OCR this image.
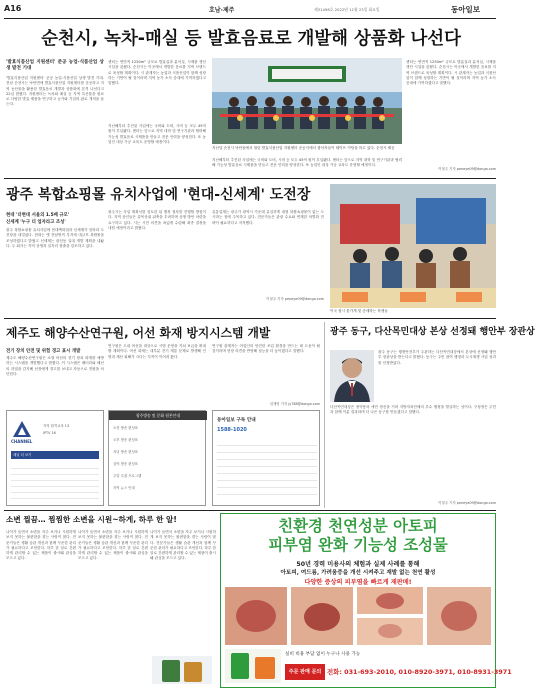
A16	호남·제주	제31498호 2022년 11월 23일 화요일	동아일보
순천시, 녹차-매실 등 발효음료로 개발해 상품화 나선다
'발효식품산업 지원센터' 준공 농업-식품산업 상생 발전 기대
'발효식품산업 지원센터' 준공 농업-식품산업 상생 발전 기대. 전남 순천시는 낙안면에 발효식품산업 지원센터를 준공하고 지역 농산물을 활용한 발효음료 개발과 상품화에 본격 나선다고 22일 밝혔다. 지원센터는 녹차와 매실 등 지역 특산물을 원료로 다양한 발효 제품을 연구하고 농가와 기업의 판로 개척을 돕는다.
센터는 연면적 1250m² 규모로 발효실과 분석실, 시제품 생산 시설을 갖췄다. 순천시는 이곳에서 개발한 음료를 지역 브랜드로 육성할 계획이다. 시 관계자는 농업과 식품산업이 함께 성장하는 기반이 될 것이라며 지역 농가 소득 증대에 기여하겠다고 말했다.
지난해부터 추진된 사업에는 국비와 도비, 시비 등 모두 45억 원이 투입됐다. 센터는 앞으로 지역 대학 및 연구기관과 협력해 기능성 발효음료 시제품을 만들고 전문 인력을 양성한다. 또 농업인 대상 가공 교육도 운영할 예정이다.
지난달 순천시 낙안읍에서 열린 발효식품산업 지원센터 준공식에서 참석자들이 테이프 커팅을 하고 있다. 순천시 제공
지난해부터 추진된 사업에는 국비와 도비, 시비 등 모두 45억 원이 투입됐다. 센터는 앞으로 지역 대학 및 연구기관과 협력해 기능성 발효음료 시제품을 만들고 전문 인력을 양성한다. 또 농업인 대상 가공 교육도 운영할 예정이다.
센터는 연면적 1250m² 규모로 발효실과 분석실, 시제품 생산 시설을 갖췄다. 순천시는 이곳에서 개발한 음료를 지역 브랜드로 육성할 계획이다. 시 관계자는 농업과 식품산업이 함께 성장하는 기반이 될 것이라며 지역 농가 소득 증대에 기여하겠다고 말했다.
이형주 기자 peneye09@donga.com
광주 복합쇼핑몰 유치사업에 '현대-신세계' 도전장
현대 '더현대 서울의 1.5배 규모'
신세계 '누구 더 업자라고 조성'
광주 복합쇼핑몰 유치사업에 현대백화점과 신세계가 잇따라 도전장을 내밀었다. 현대는 옛 전남방직 부지에 대규모 복합몰을 조성하겠다고 밝혔고 신세계는 광천동 일대 개발 계획을 내놨다. 두 회사는 지역 상생과 일자리 창출을 강조하고 있다.
광주시는 사업 계획서를 검토한 뒤 행정 절차를 진행할 방침이다. 지역 상인들은 골목상권 위축을 우려하며 상생 방안 마련을 요구하고 있다. 시는 시민 의견을 폭넓게 수렴해 최종 결정을 내릴 예정이라고 밝혔다.
유통업계는 광주가 광역시 가운데 유일하게 대형 복합쇼핑몰이 없는 도시라는 점에 주목하고 있다. 전문가들은 관광 수요와 연계한 차별화 전략이 필요하다고 지적했다.
이형주 기자 peneye09@donga.com
이국 집시 꽃가게 및 증세하는 학생들
제주도 해양수산연구원, 어선 화재 방지시스템 개발
전기 장치 안전 및 위험 경고 표시 개발
제주도 해양수산연구원은 소형 어선의 전기 장치 화재를 예방하는 시스템을 개발했다고 밝혔다. 이 시스템은 배터리와 배선의 과열을 감지해 선장에게 경고를 보내고 자동으로 전원을 차단한다.
연구원은 도내 어선을 대상으로 시범 운영을 거쳐 보급을 확대할 계획이다. 어선 화재는 대부분 전기 계통 문제로 발생해 인명과 재산 피해가 크다는 지적이 이어져 왔다.
연구원 관계자는 어업인의 안전한 조업 환경을 만드는 데 도움이 될 것이라며 현장 의견을 반영해 성능을 더 높이겠다고 말했다.
임재영 기자 jy788@donga.com
광주 동구, 다산목민대상 본상 선정돼 행안부 장관상
광주 동구는 행정안전부가 주관하는 다산목민대상에서 본상에 선정돼 행안부 장관상을 받는다고 밝혔다. 동구는 주민 참여 행정과 도시재생 사업 성과를 인정받았다.
다산목민대상은 정약용의 애민 정신을 기려 지방자치단체의 우수 행정을 발굴하는 상이다. 구청장은 주민과 함께 이룬 결과라며 더 나은 동구를 만들겠다고 말했다.
이형주 기자 peneye09@donga.com
CHANNEL
지역 원격교육 13
IPTV 16
채널 더 보기
광주방송 및 문화 원본안내
오전 방송 편성표
오후 방송 편성표
저녁 방송 편성표
심야 방송 편성표
주말 특집 프로그램
지역 뉴스 안내
동아일보 구독 안내
1588-1020
소변 찔끔… 찜찜한 소변을 시원~하게, 하루 한 알!
나이가 들면서 소변을 자주 보거나 시원하게 보지 못하는 불편함을 겪는 사람이 많다. 전문가들은 생활 습관 개선과 함께 꾸준한 관리가 필요하다고 조언한다. 하루 한 알로 간편하게 관리할 수 있는 제품이 출시돼 관심을 모으고 있다.
나이가 들면서 소변을 자주 보거나 시원하게 보지 못하는 불편함을 겪는 사람이 많다. 전문가들은 생활 습관 개선과 함께 꾸준한 관리가 필요하다고 조언한다. 하루 한 알로 간편하게 관리할 수 있는 제품이 출시돼 관심을 모으고 있다.
나이가 들면서 소변을 자주 보거나 시원하게 보지 못하는 불편함을 겪는 사람이 많다. 전문가들은 생활 습관 개선과 함께 꾸준한 관리가 필요하다고 조언한다. 하루 한 알로 간편하게 관리할 수 있는 제품이 출시돼 관심을 모으고 있다.
친환경 천연성분 아토피
피부염 완화 기능성 조성물
50년 경력 미용사의 체험과 실제 사례를 통해
아토피, 여드름, 가려움증을 개선 시켜주고 재발 없는 천연 활성
다양한 증상의 피부염을 빠르게 재판매!
실비 비용 부담 없이 누구나 사용 가능
주문 판매 문의 전화: 031-693-2010, 010-8920-3971, 010-8931-3971
